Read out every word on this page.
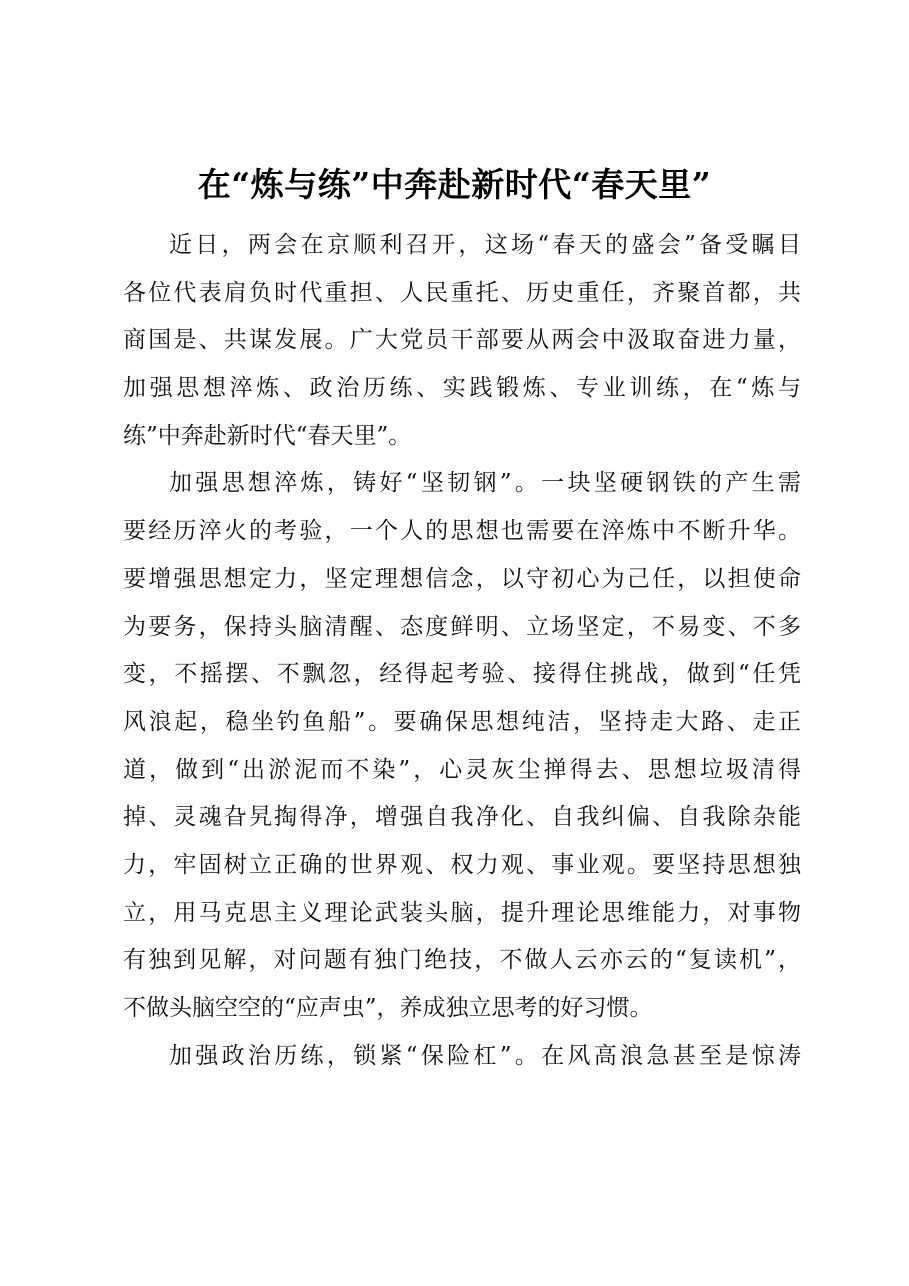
在“炼与练”中奔赴新时代“春天里”
近日，两会在京顺利召开，这场“春天的盛会”备受瞩目
各位代表肩负时代重担、人民重托、历史重任，齐聚首都，共
商国是、共谋发展。广大党员干部要从两会中汲取奋进力量，
加强思想淬炼、政治历练、实践锻炼、专业训练，在“炼与
练”中奔赴新时代“春天里”。
加强思想淬炼，铸好“坚韧钢”。一块坚硬钢铁的产生需
要经历淬火的考验，一个人的思想也需要在淬炼中不断升华。
要增强思想定力，坚定理想信念，以守初心为己任，以担使命
为要务，保持头脑清醒、态度鲜明、立场坚定，不易变、不多
变，不摇摆、不飘忽，经得起考验、接得住挑战，做到“任凭
风浪起，稳坐钓鱼船”。要确保思想纯洁，坚持走大路、走正
道，做到“出淤泥而不染”，心灵灰尘掸得去、思想垃圾清得
掉、灵魂旮旯掏得净，增强自我净化、自我纠偏、自我除杂能
力，牢固树立正确的世界观、权力观、事业观。要坚持思想独
立，用马克思主义理论武装头脑，提升理论思维能力，对事物
有独到见解，对问题有独门绝技，不做人云亦云的“复读机”，
不做头脑空空的“应声虫”，养成独立思考的好习惯。
加强政治历练，锁紧“保险杠”。在风高浪急甚至是惊涛
